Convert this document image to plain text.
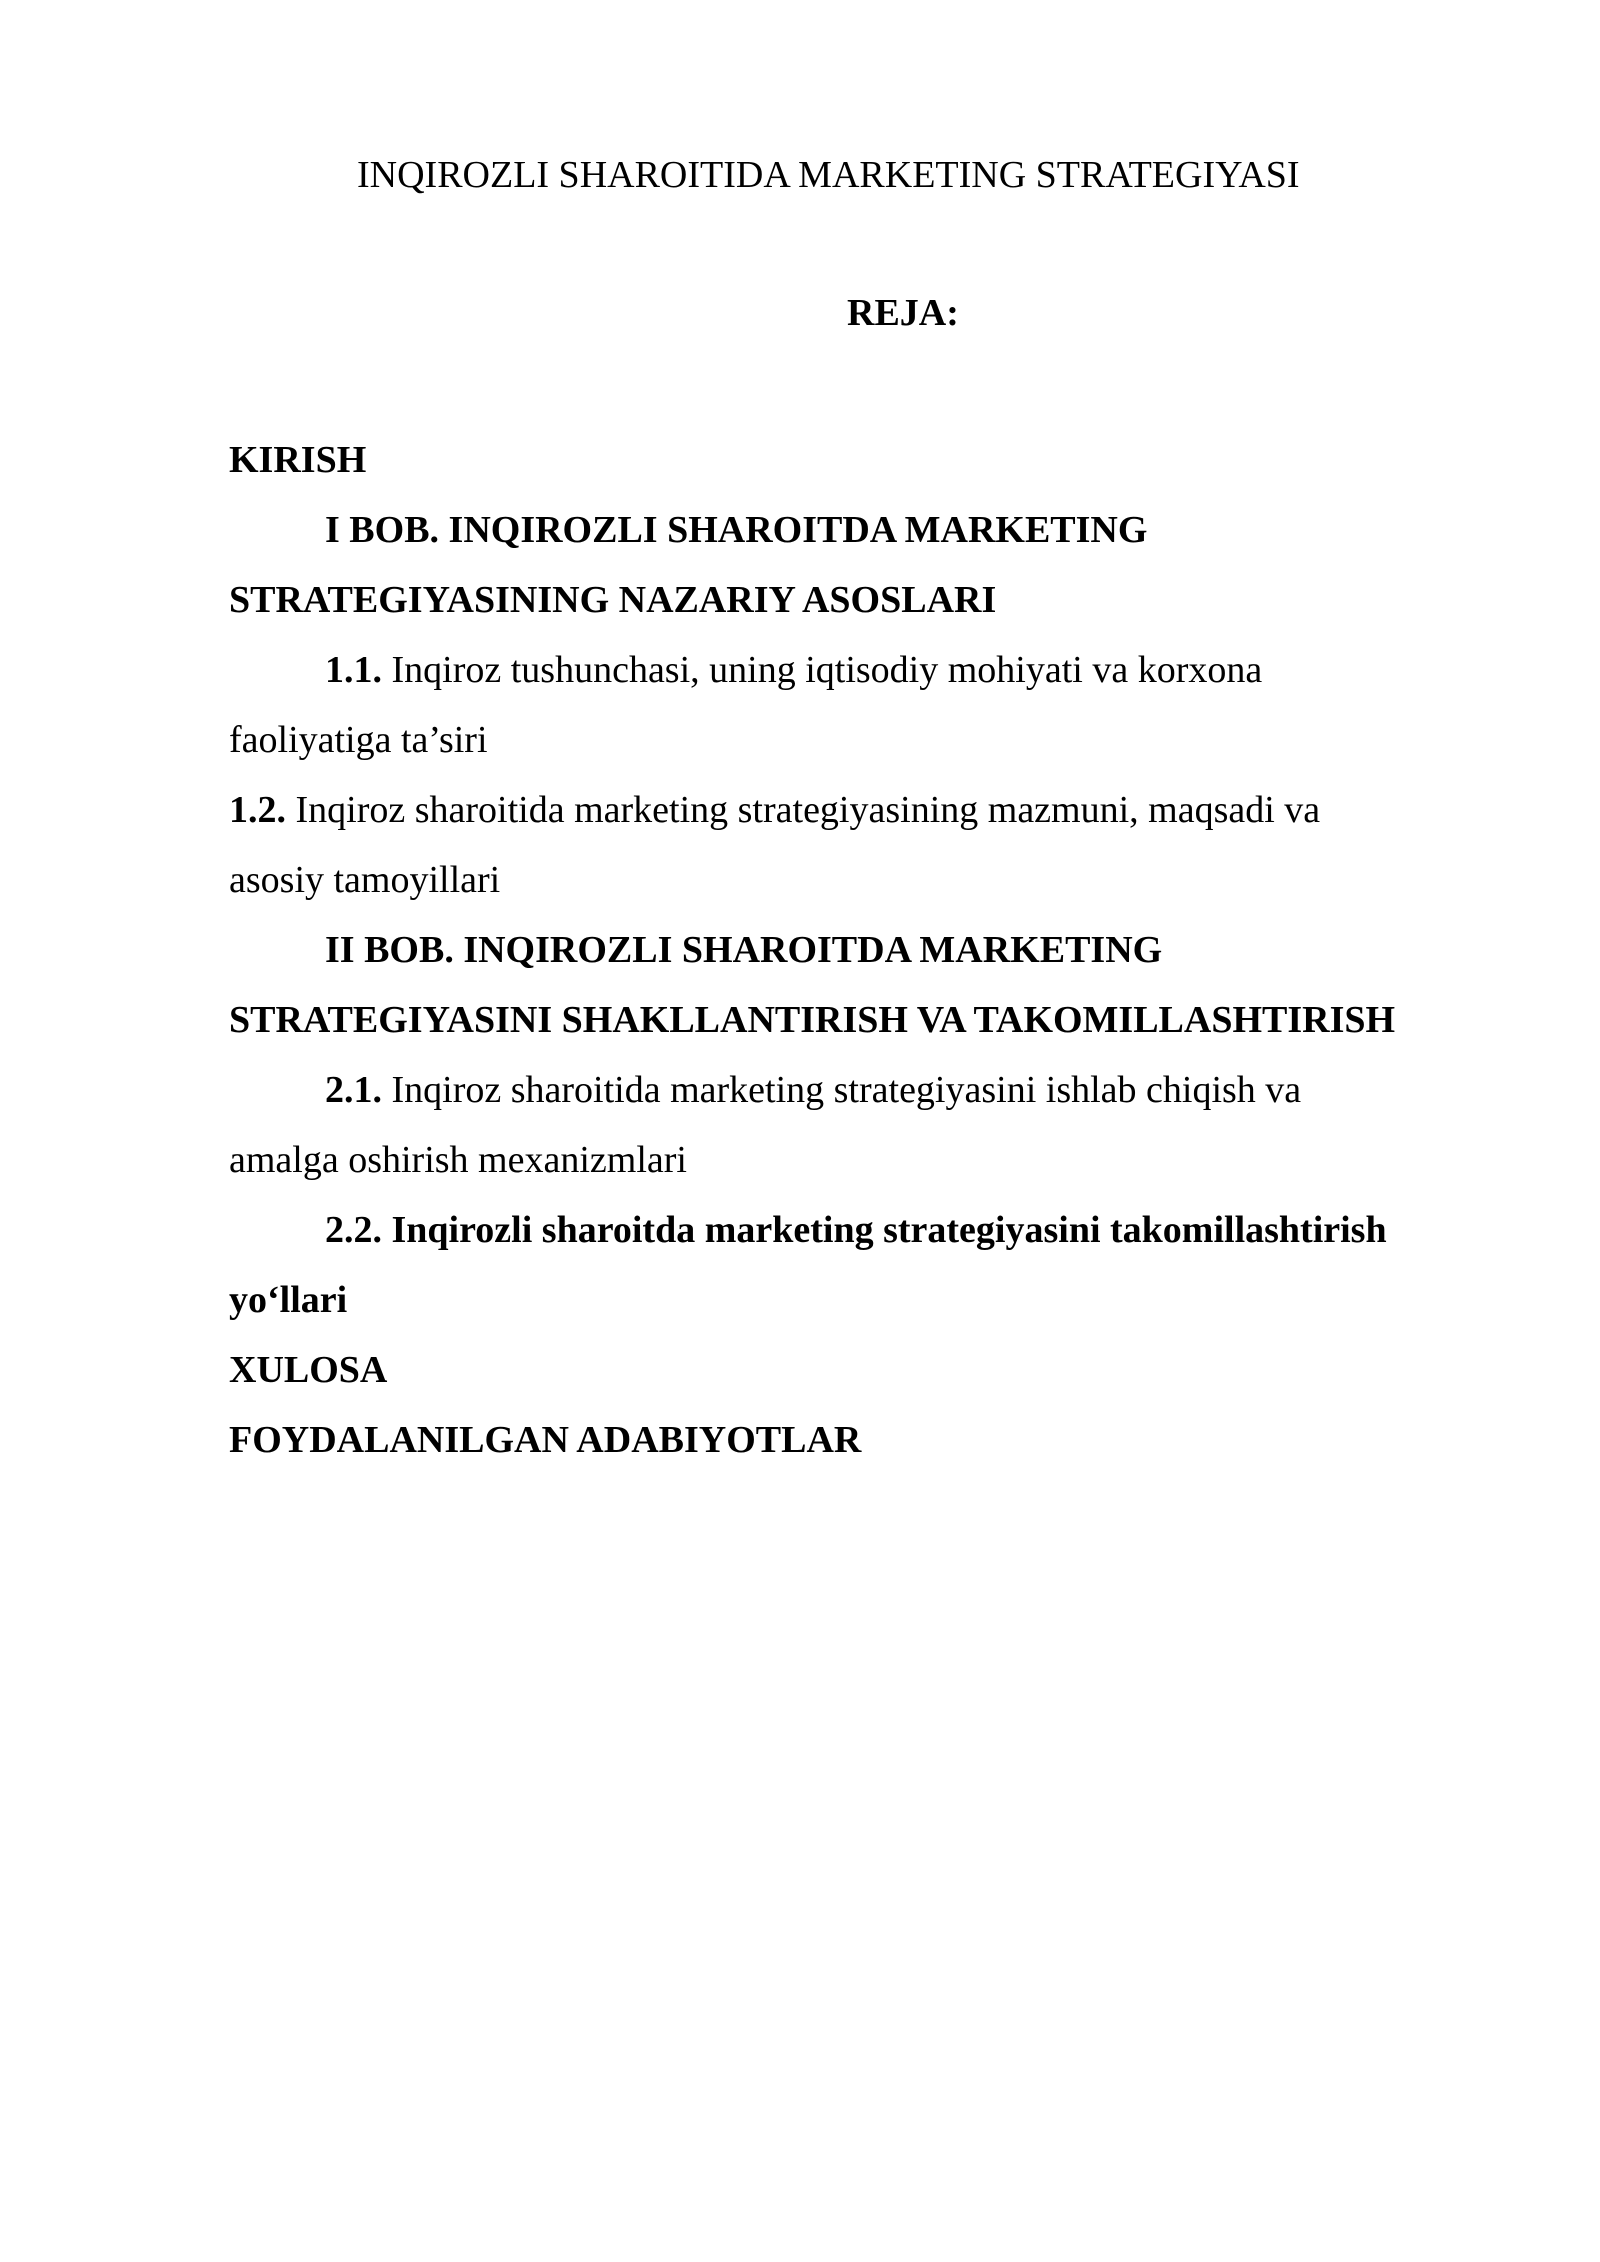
INQIROZLI SHAROITIDA MARKETING STRATEGIYASI
REJA:
KIRISH
I BOB. INQIROZLI SHAROITDA MARKETING
STRATEGIYASINING NAZARIY ASOSLARI
1.1. Inqiroz tushunchasi, uning iqtisodiy mohiyati va korxona
faoliyatiga ta’siri
1.2. Inqiroz sharoitida marketing strategiyasining mazmuni, maqsadi va
asosiy tamoyillari
II BOB. INQIROZLI SHAROITDA MARKETING
STRATEGIYASINI SHAKLLANTIRISH VA TAKOMILLASHTIRISH
2.1. Inqiroz sharoitida marketing strategiyasini ishlab chiqish va
amalga oshirish mexanizmlari
2.2. Inqirozli sharoitda marketing strategiyasini takomillashtirish
yo‘llari
XULOSA
FOYDALANILGAN ADABIYOTLAR
